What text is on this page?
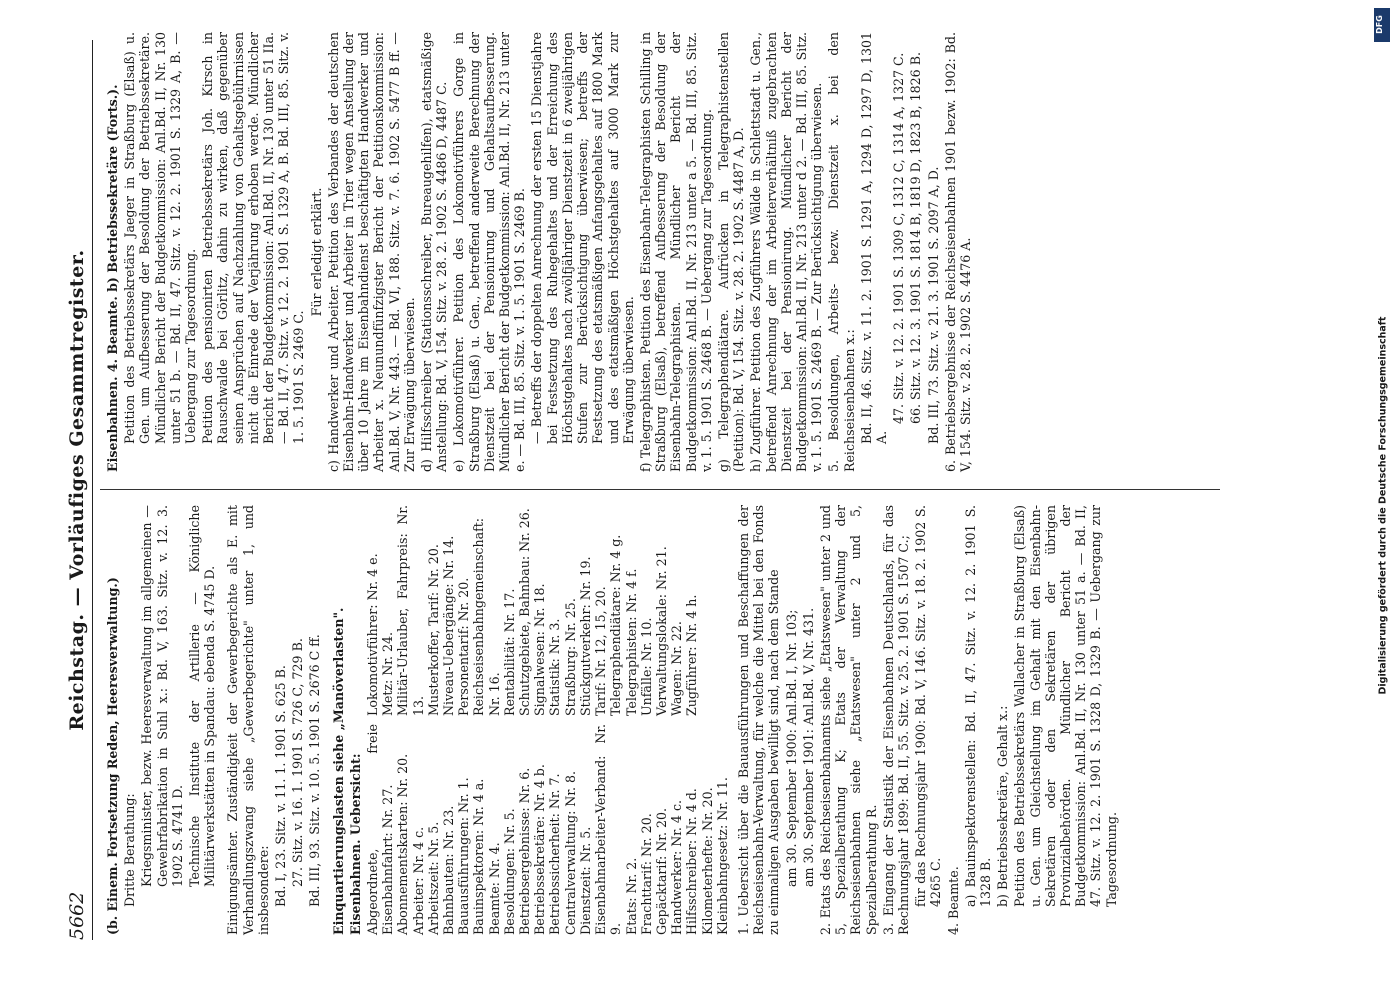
5662
Reichstag. — Vorläufiges Gesammtregister.

(b. Einem. Fortsetzung Reden, Heeresverwaltung.) Dritte Berathung: Kriegsminister, bezw. Heeresverwaltung im allgemeinen — Gewehrfabrikation in Suhl x.: Bd. V, 163. Sitz. v. 12. 3. 1902 S. 4741 D. Technische Institute der Artillerie — Königliche Militärwerkstätten in Spandau: ebenda S. 4745 D. Einigungsämter. Zuständigkeit der Gewerbegerichte als E. mit Verhandlungszwang siehe „Gewerbegerichte" unter 1, und insbesondere: Bd. I, 23. Sitz. v. 11. 1. 1901 S. 625 B. 27. Sitz. v. 16. 1. 1901 S. 726 C, 729 B. Bd. III, 93. Sitz. v. 10. 5. 1901 S. 2676 C ff. Einquartierungslasten siehe „Manöverlasten". Eisenbahnen. Uebersicht: Abgeordnete, freie Eisenbahnfahrt: Nr. 27. Abonnementskarten: Nr. 20. Arbeiter: Nr. 4 c. Arbeitszeit: Nr. 5. Bahnbauten: Nr. 23. Bauausführungen: Nr. 1. Bauinspektoren: Nr. 4 a. Beamte: Nr. 4. Besoldungen: Nr. 5. Betriebsergebnisse: Nr. 6. Betriebssekretäre: Nr. 4 b. Betriebssicherheit: Nr. 7. Centralverwaltung: Nr. 8. Dienstzeit: Nr. 5. Eisenbahnarbeiter-Verband: Nr. 9. Etats: Nr. 2. Frachttarif: Nr. 20. Gepäcktarif: Nr. 20. Handwerker: Nr. 4 c. Hilfsschreiber: Nr. 4 d. Kilometerhefte: Nr. 20. Kleinbahngesetz: Nr. 11.

Lokomotivführer: Nr. 4 e. Metz: Nr. 24. Militär-Urlauber, Fahrpreis: Nr. 13. Musterkoffer, Tarif: Nr. 20. Niveau-Uebergänge: Nr. 14. Personentarif: Nr. 20. Reichseisenbahngemeinschaft: Nr. 16. Rentabilität: Nr. 17. Schutzgebiete, Bahnbau: Nr. 26. Signalwesen: Nr. 18. Statistik: Nr. 3. Straßburg: Nr. 25. Stückgutverkehr: Nr. 19. Tarif: Nr. 12, 15, 20. Telegraphendiätare: Nr. 4 g. Telegraphisten: Nr. 4 f. Unfälle: Nr. 10. Verwaltungslokale: Nr. 21. Wagen: Nr. 22. Zugführer: Nr. 4 h.	1. Uebersicht über die Bauausführungen und Beschaffungen der Reichseisenbahn-Verwaltung, für welche die Mittel bei den Fonds zu einmaligen Ausgaben bewilligt sind, nach dem Stande am 30. September 1900: Anl.Bd. I, Nr. 103; am 30. September 1901: Anl.Bd. V, Nr. 431. 2. Etats des Reichseisenbahnamts siehe „Etatswesen" unter 2 und 5, Spezialberathung K; Etats der Verwaltung der Reichseisenbahnen siehe „Etatswesen" unter 2 und 5, Spezialberathung R. 3. Eingang der Statistik der Eisenbahnen Deutschlands, für das Rechnungsjahr 1899: Bd. II, 55. Sitz. v. 25. 2. 1901 S. 1507 C.; für das Rechnungsjahr 1900: Bd. V, 146. Sitz. v. 18. 2. 1902 S. 4265 C. 4. Beamte. a) Bauinspektorenstellen: Bd. II, 47. Sitz. v. 12. 2. 1901 S. 1328 B. b) Betriebssekretäre, Gehalt x.: Petition des Betriebssekretärs Wallacher in Straßburg (Elsaß) u. Gen. um Gleichstellung im Gehalt mit den Eisenbahn-Sekretären oder den Sekretären der übrigen Provinzialbehörden. Mündlicher Bericht der Budgetkommission: Anl.Bd. II, Nr. 130 unter 51 a. — Bd. II, 47. Sitz. v. 12. 2. 1901 S. 1328 D, 1329 B. — Uebergang zur Tagesordnung.

Eisenbahnen. 4. Beamte. b) Betriebssekretäre (Forts.). Petition des Betriebssekretärs Jaeger in Straßburg (Elsaß) u. Gen. um Aufbesserung der Besoldung der Betriebssekretäre. Mündlicher Bericht der Budgetkommission: Anl.Bd. II, Nr. 130 unter 51 b. — Bd. II, 47. Sitz. v. 12. 2. 1901 S. 1329 A, B. — Uebergang zur Tagesordnung. Petition des pensionirten Betriebssekretärs Joh. Kirsch in Rauschwalde bei Görlitz, dahin zu wirken, daß gegenüber seinen Ansprüchen auf Nachzahlung von Gehaltsgebührnissen nicht die Einrede der Verjährung erhoben werde. Mündlicher Bericht der Budgetkommission: Anl.Bd. II, Nr. 130 unter 51 IIa. — Bd. II, 47. Sitz. v. 12. 2. 1901 S. 1329 A, B. Bd. III, 85. Sitz. v. 1. 5. 1901 S. 2469 C.

Für erledigt erklärt. c) Handwerker und Arbeiter. Petition des Verbandes der deutschen Eisenbahn-Handwerker und Arbeiter in Trier wegen Anstellung der über 10 Jahre im Eisenbahndienst beschäftigten Handwerker und Arbeiter x. Neunundfünfzigster Bericht der Petitionskommission: Anl.Bd. V, Nr. 443. — Bd. VI, 188. Sitz. v. 7. 6. 1902 S. 5477 B ff. — Zur Erwägung überwiesen. d) Hilfsschreiber (Stationsschreiber, Bureaugehilfen), etatsmäßige Anstellung: Bd. V, 154. Sitz. v. 28. 2. 1902 S. 4486 D, 4487 C. e) Lokomotivführer. Petition des Lokomotivführers Gorge in Straßburg (Elsaß) u. Gen., betreffend anderweite Berechnung der Dienstzeit bei der Pensionirung und Gehaltsaufbesserung. Mündlicher Bericht der Budgetkommission: Anl.Bd. II, Nr. 213 unter e. — Bd. III, 85. Sitz. v. 1. 5. 1901 S. 2469 B. — Betreffs der doppelten Anrechnung der ersten 15 Dienstjahre bei Festsetzung des Ruhegehaltes und der Erreichung des Höchstgehaltes nach zwölfjähriger Dienstzeit in 6 zweijährigen Stufen zur Berücksichtigung überwiesen; betreffs der Festsetzung des etatsmäßigen Anfangsgehaltes auf 1800 Mark und des etatsmäßigen Höchstgehaltes auf 3000 Mark zur Erwägung überwiesen. f) Telegraphisten. Petition des Eisenbahn-Telegraphisten Schilling in Straßburg (Elsaß), betreffend Aufbesserung der Besoldung der Eisenbahn-Telegraphisten. Mündlicher Bericht der Budgetkommission: Anl.Bd. II, Nr. 213 unter a 5. — Bd. III, 85. Sitz. v. 1. 5. 1901 S. 2468 B. — Uebergang zur Tagesordnung. g) Telegraphendiätare. Aufrücken in Telegraphistenstellen (Petition): Bd. V, 154. Sitz. v. 28. 2. 1902 S. 4487 A, D. h) Zugführer. Petition des Zugführers Wälde in Schlettstadt u. Gen., betreffend Anrechnung der im Arbeiterverhältniß zugebrachten Dienstzeit bei der Pensionirung. Mündlicher Bericht der Budgetkommission: Anl.Bd. II, Nr. 213 unter d 2. — Bd. III, 85. Sitz. v. 1. 5. 1901 S. 2469 B. — Zur Berücksichtigung überwiesen. 5. Besoldungen, Arbeits- bezw. Dienstzeit x. bei den Reichseisenbahnen x.: Bd. II, 46. Sitz. v. 11. 2. 1901 S. 1291 A, 1294 D, 1297 D, 1301 A.

47. Sitz. v. 12. 2. 1901 S. 1309 C, 1312 C, 1314 A, 1327 C. 66. Sitz. v. 12. 3. 1901 S. 1814 B, 1819 D, 1823 B, 1826 B. Bd. III, 73. Sitz. v. 21. 3. 1901 S. 2097 A, D. 6. Betriebsergebnisse der Reichseisenbahnen 1901 bezw. 1902: Bd. V, 154. Sitz. v. 28. 2. 1902 S. 4476 A.

DFG
Digitalisierung gefördert durch die Deutsche Forschungsgemeinschaft
